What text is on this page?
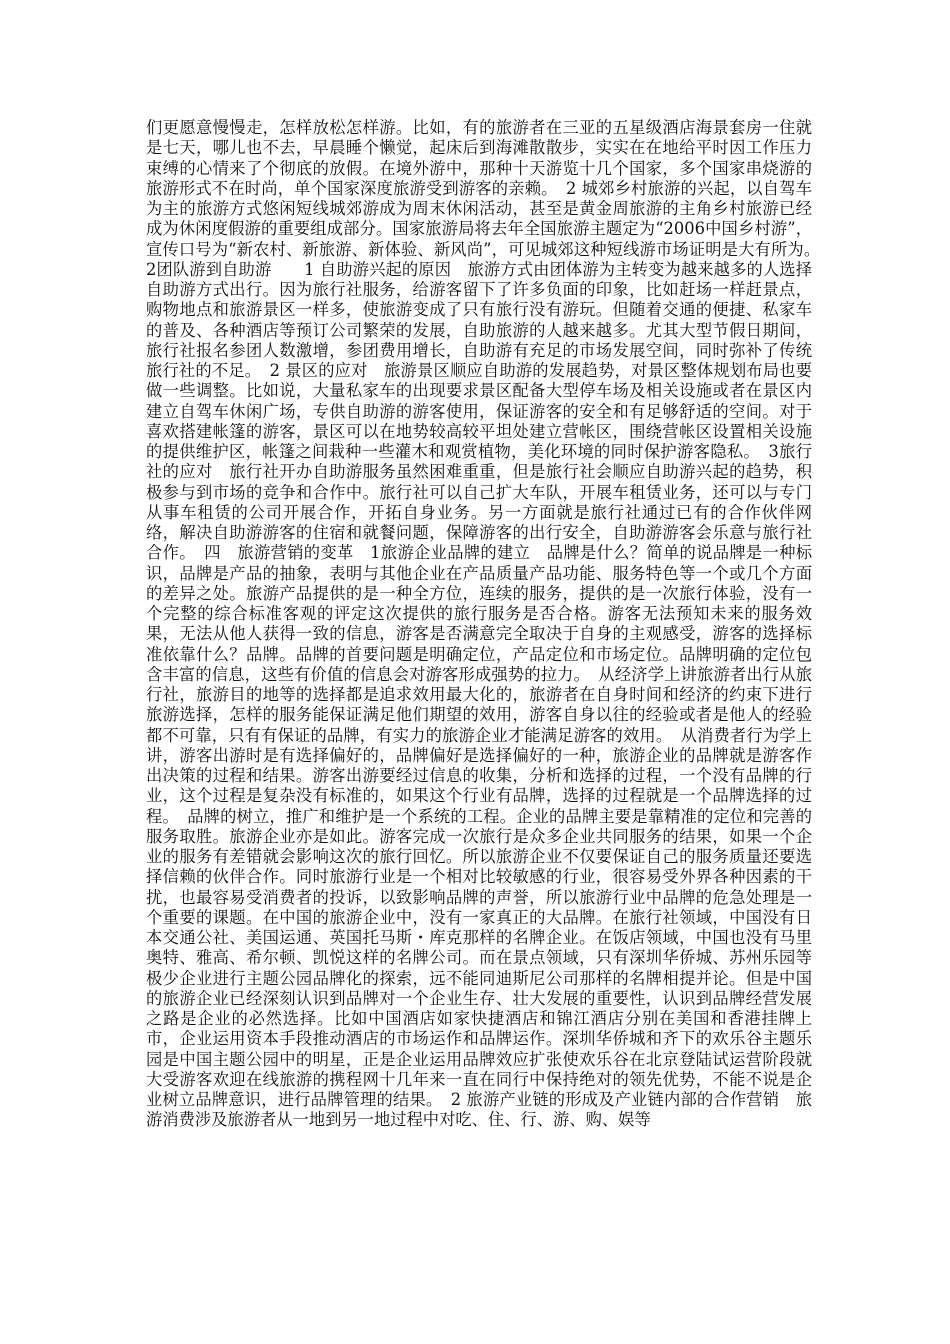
们更愿意慢慢走，怎样放松怎样游。比如，有的旅游者在三亚的五星级酒店海景套房一住就是七天，哪儿也不去，早晨睡个懒觉，起床后到海滩散散步，实实在在地给平时因工作压力束缚的心情来了个彻底的放假。在境外游中，那种十天游览十几个国家，多个国家串烧游的旅游形式不在时尚，单个国家深度旅游受到游客的亲赖。　2 城郊乡村旅游的兴起，以自驾车为主的旅游方式悠闲短线城郊游成为周末休闲活动，甚至是黄金周旅游的主角乡村旅游已经成为休闲度假游的重要组成部分。国家旅游局将去年全国旅游主题定为“2006中国乡村游”，宣传口号为“新农村、新旅游、新体验、新风尚”，可见城郊这种短线游市场证明是大有所为。　2团队游到自助游　　1 自助游兴起的原因　旅游方式由团体游为主转变为越来越多的人选择自助游方式出行。因为旅行社服务，给游客留下了许多负面的印象，比如赶场一样赶景点，购物地点和旅游景区一样多，使旅游变成了只有旅行没有游玩。但随着交通的便捷、私家车的普及、各种酒店等预订公司繁荣的发展，自助旅游的人越来越多。尤其大型节假日期间，旅行社报名参团人数激增，参团费用增长，自助游有充足的市场发展空间，同时弥补了传统旅行社的不足。　2 景区的应对　旅游景区顺应自助游的发展趋势，对景区整体规划布局也要做一些调整。比如说，大量私家车的出现要求景区配备大型停车场及相关设施或者在景区内建立自驾车休闲广场，专供自助游的游客使用，保证游客的安全和有足够舒适的空间。对于喜欢搭建帐篷的游客，景区可以在地势较高较平坦处建立营帐区，围绕营帐区设置相关设施的提供维护区，帐篷之间栽种一些灌木和观赏植物，美化环境的同时保护游客隐私。　3旅行社的应对　旅行社开办自助游服务虽然困难重重，但是旅行社会顺应自助游兴起的趋势，积极参与到市场的竞争和合作中。旅行社可以自己扩大车队，开展车租赁业务，还可以与专门从事车租赁的公司开展合作，开拓自身业务。另一方面就是旅行社通过已有的合作伙伴网络，解决自助游游客的住宿和就餐问题，保障游客的出行安全，自助游游客会乐意与旅行社合作。　四　旅游营销的变革　1旅游企业品牌的建立　品牌是什么？简单的说品牌是一种标识，品牌是产品的抽象，表明与其他企业在产品质量产品功能、服务特色等一个或几个方面的差异之处。旅游产品提供的是一种全方位，连续的服务，提供的是一次旅行体验，没有一个完整的综合标准客观的评定这次提供的旅行服务是否合格。游客无法预知未来的服务效果，无法从他人获得一致的信息，游客是否满意完全取决于自身的主观感受，游客的选择标准依靠什么？品牌。品牌的首要问题是明确定位，产品定位和市场定位。品牌明确的定位包含丰富的信息，这些有价值的信息会对游客形成强势的拉力。　从经济学上讲旅游者出行从旅行社，旅游目的地等的选择都是追求效用最大化的，旅游者在自身时间和经济的约束下进行旅游选择，怎样的服务能保证满足他们期望的效用，游客自身以往的经验或者是他人的经验都不可靠，只有有保证的品牌，有实力的旅游企业才能满足游客的效用。　从消费者行为学上讲，游客出游时是有选择偏好的，品牌偏好是选择偏好的一种，旅游企业的品牌就是游客作出决策的过程和结果。游客出游要经过信息的收集，分析和选择的过程，一个没有品牌的行业，这个过程是复杂没有标准的，如果这个行业有品牌，选择的过程就是一个品牌选择的过程。　品牌的树立，推广和维护是一个系统的工程。企业的品牌主要是靠精准的定位和完善的服务取胜。旅游企业亦是如此。游客完成一次旅行是众多企业共同服务的结果，如果一个企业的服务有差错就会影响这次的旅行回忆。所以旅游企业不仅要保证自己的服务质量还要选择信赖的伙伴合作。同时旅游行业是一个相对比较敏感的行业，很容易受外界各种因素的干扰，也最容易受消费者的投诉，以致影响品牌的声誉，所以旅游行业中品牌的危急处理是一个重要的课题。在中国的旅游企业中，没有一家真正的大品牌。在旅行社领域，中国没有日本交通公社、美国运通、英国托马斯・库克那样的名牌企业。在饭店领域，中国也没有马里奥特、雅高、希尔顿、凯悦这样的名牌公司。而在景点领域，只有深圳华侨城、苏州乐园等极少企业进行主题公园品牌化的探索，远不能同迪斯尼公司那样的名牌相提并论。但是中国的旅游企业已经深刻认识到品牌对一个企业生存、壮大发展的重要性，认识到品牌经营发展之路是企业的必然选择。比如中国酒店如家快捷酒店和锦江酒店分别在美国和香港挂牌上市，企业运用资本手段推动酒店的市场运作和品牌运作。深圳华侨城和齐下的欢乐谷主题乐园是中国主题公园中的明星，正是企业运用品牌效应扩张使欢乐谷在北京登陆试运营阶段就大受游客欢迎在线旅游的携程网十几年来一直在同行中保持绝对的领先优势，不能不说是企业树立品牌意识，进行品牌管理的结果。　2 旅游产业链的形成及产业链内部的合作营销　旅游消费涉及旅游者从一地到另一地过程中对吃、住、行、游、购、娱等
